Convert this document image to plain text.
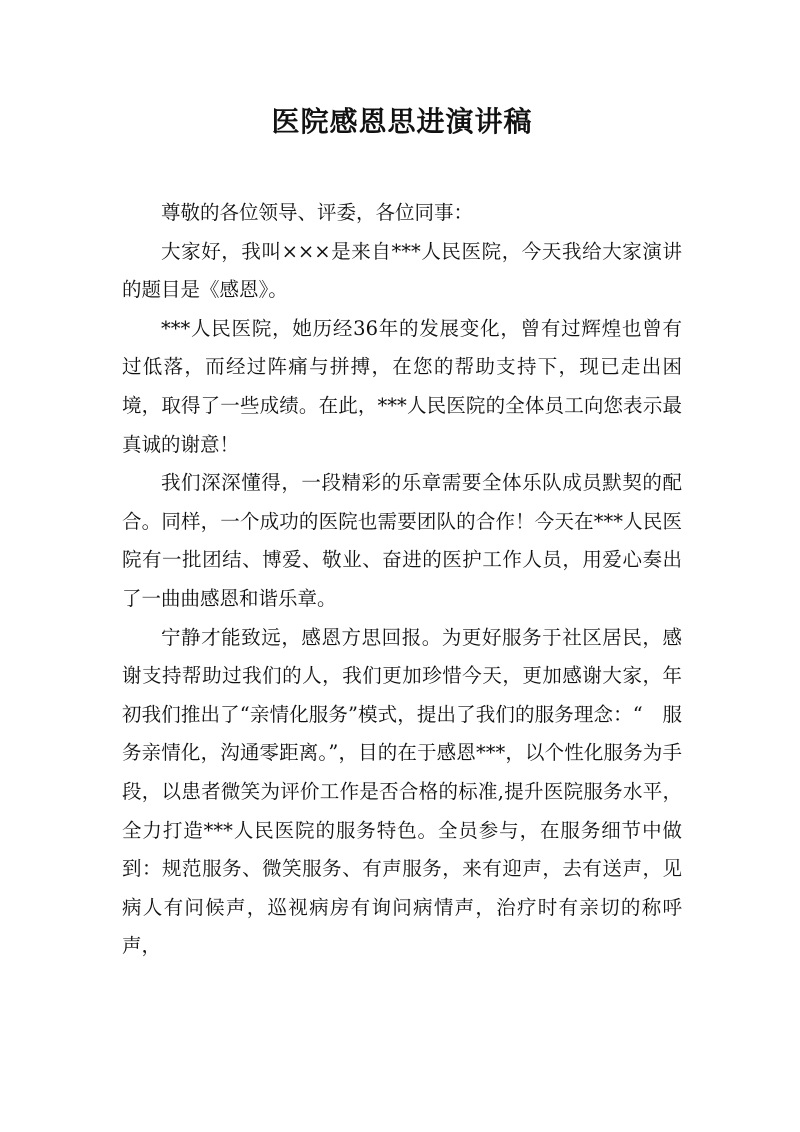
医院感恩思进演讲稿

尊敬的各位领导、评委，各位同事：

大家好，我叫×××是来自***人民医院，今天我给大家演讲的题目是《感恩》。

***人民医院，她历经36年的发展变化，曾有过辉煌也曾有过低落，而经过阵痛与拼搏，在您的帮助支持下，现已走出困境，取得了一些成绩。在此，***人民医院的全体员工向您表示最真诚的谢意！

我们深深懂得，一段精彩的乐章需要全体乐队成员默契的配合。同样，一个成功的医院也需要团队的合作！今天在***人民医院有一批团结、博爱、敬业、奋进的医护工作人员，用爱心奏出了一曲曲感恩和谐乐章。

宁静才能致远，感恩方思回报。为更好服务于社区居民，感谢支持帮助过我们的人，我们更加珍惜今天，更加感谢大家，年初我们推出了“亲情化服务”模式，提出了我们的服务理念：“　服务亲情化，沟通零距离。”，目的在于感恩***，以个性化服务为手段，以患者微笑为评价工作是否合格的标准,提升医院服务水平，全力打造***人民医院的服务特色。全员参与，在服务细节中做到：规范服务、微笑服务、有声服务，来有迎声，去有送声，见病人有问候声，巡视病房有询问病情声，治疗时有亲切的称呼声，
